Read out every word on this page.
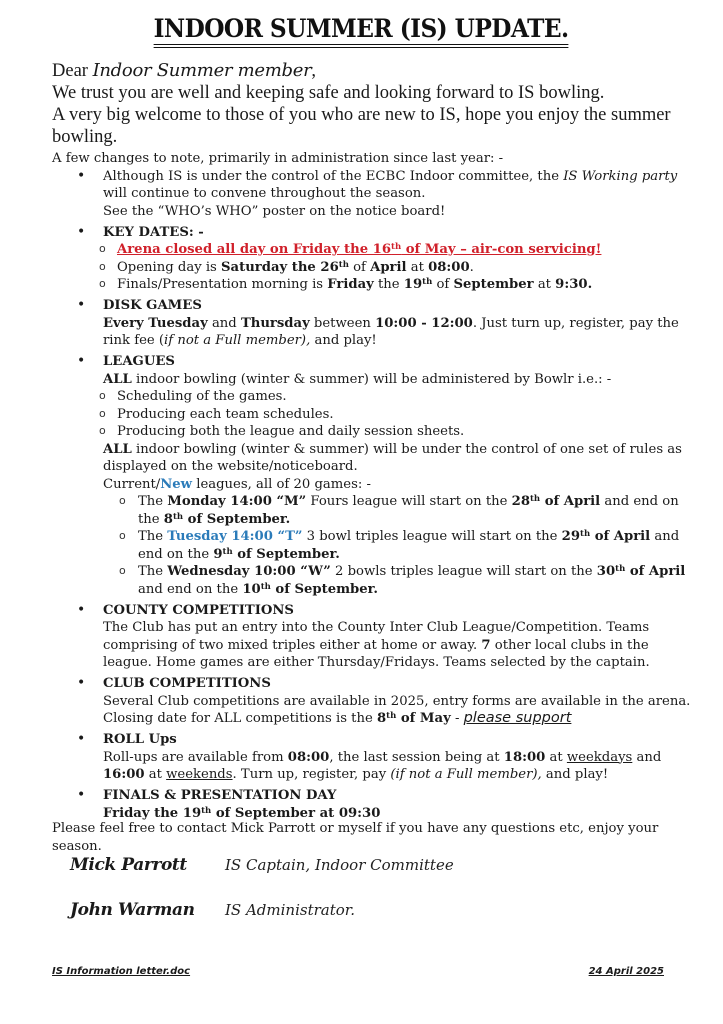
INDOOR SUMMER (IS) UPDATE.
Dear Indoor Summer member,
We trust you are well and keeping safe and looking forward to IS bowling.
A very big welcome to those of you who are new to IS, hope you enjoy the summer bowling.

A few changes to note, primarily in administration since last year: -

• Although IS is under the control of the ECBC Indoor committee, the IS Working party will continue to convene throughout the season.
See the “WHO’s WHO” poster on the notice board!
• KEY DATES: -
o Arena closed all day on Friday the 16th of May – air-con servicing!
o Opening day is Saturday the 26th of April at 08:00.
o Finals/Presentation morning is Friday the 19th of September at 9:30.
• DISK GAMES
Every Tuesday and Thursday between 10:00 - 12:00. Just turn up, register, pay the rink fee (if not a Full member), and play!
• LEAGUES
ALL indoor bowling (winter & summer) will be administered by Bowlr i.e.: -
o Scheduling of the games.
o Producing each team schedules.
o Producing both the league and daily session sheets.
ALL indoor bowling (winter & summer) will be under the control of one set of rules as displayed on the website/noticeboard.
Current/New leagues, all of 20 games: -
o The Monday 14:00 “M” Fours league will start on the 28th of April and end on the 8th of September.
o The Tuesday 14:00 “T” 3 bowl triples league will start on the 29th of April and end on the 9th of September.
o The Wednesday 10:00 “W” 2 bowls triples league will start on the 30th of April and end on the 10th of September.
• COUNTY COMPETITIONS
The Club has put an entry into the County Inter Club League/Competition. Teams comprising of two mixed triples either at home or away. 7 other local clubs in the league. Home games are either Thursday/Fridays. Teams selected by the captain.
• CLUB COMPETITIONS
Several Club competitions are available in 2025, entry forms are available in the arena. Closing date for ALL competitions is the 8th of May - please support
• ROLL Ups
Roll-ups are available from 08:00, the last session being at 18:00 at weekdays and 16:00 at weekends. Turn up, register, pay (if not a Full member), and play!
• FINALS & PRESENTATION DAY
Friday the 19th of September at 09:30
Please feel free to contact Mick Parrott or myself if you have any questions etc, enjoy your season.
Mick Parrott	IS Captain, Indoor Committee
John Warman	IS Administrator.
IS Information letter.doc	24 April 2025
